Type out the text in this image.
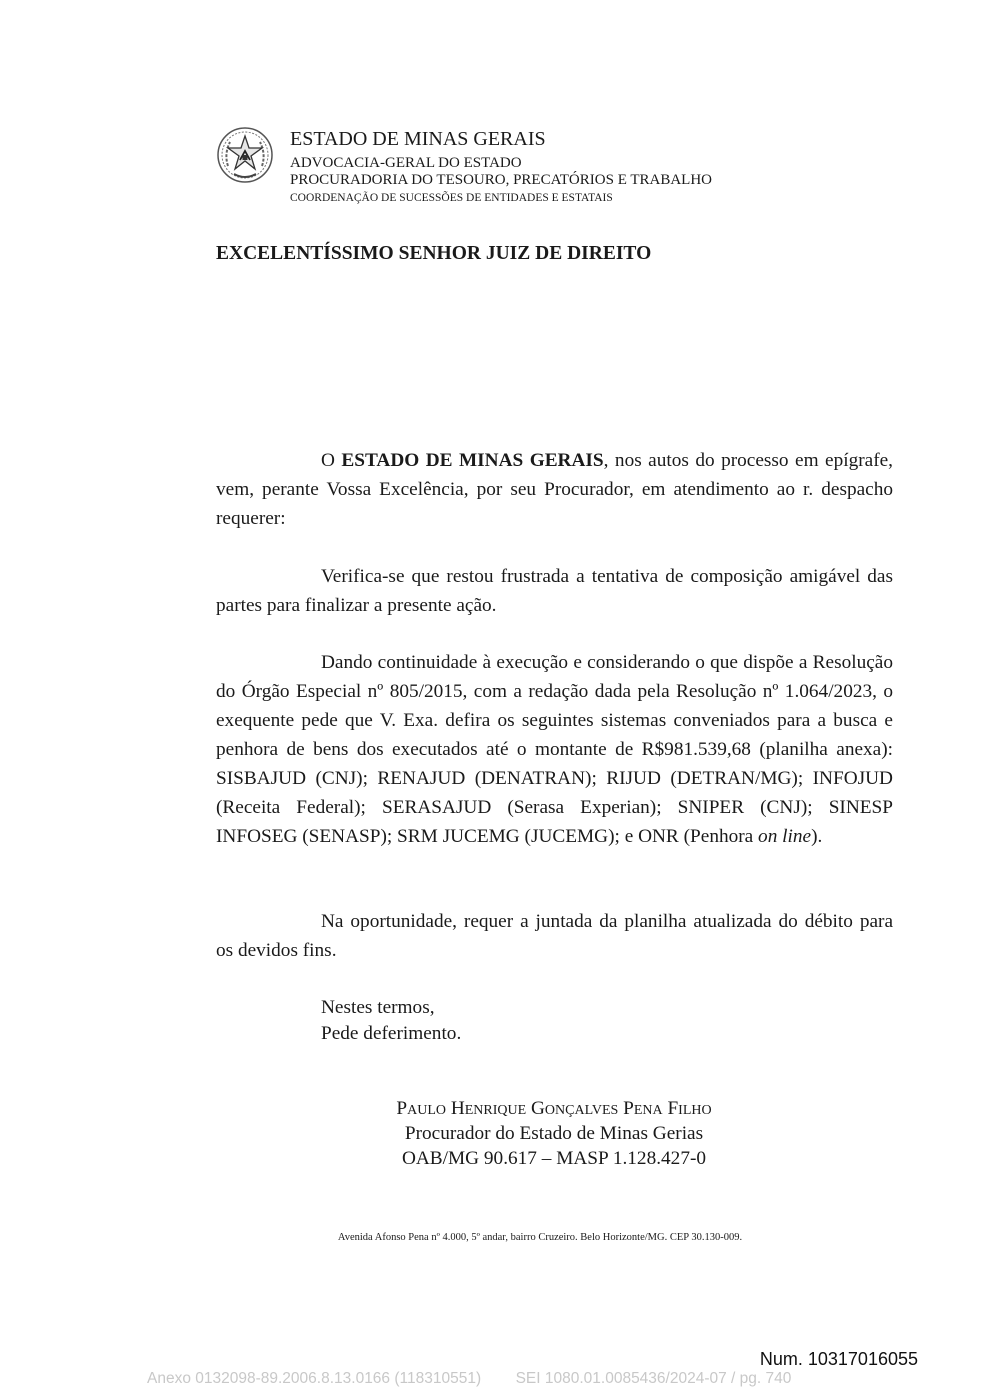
ESTADO DE MINAS GERAIS
ADVOCACIA-GERAL DO ESTADO
PROCURADORIA DO TESOURO, PRECATÓRIOS E TRABALHO
COORDENAÇÃO DE SUCESSÕES DE ENTIDADES E ESTATAIS
EXCELENTÍSSIMO SENHOR JUIZ DE DIREITO

O ESTADO DE MINAS GERAIS, nos autos do processo em epígrafe, vem, perante Vossa Excelência, por seu Procurador, em atendimento ao r. despacho requerer:

Verifica-se que restou frustrada a tentativa de composição amigável das partes para finalizar a presente ação.

Dando continuidade à execução e considerando o que dispõe a Resolução do Órgão Especial nº 805/2015, com a redação dada pela Resolução nº 1.064/2023, o exequente pede que V. Exa. defira os seguintes sistemas conveniados para a busca e penhora de bens dos executados até o montante de R$981.539,68 (planilha anexa): SISBAJUD (CNJ); RENAJUD (DENATRAN); RIJUD (DETRAN/MG); INFOJUD (Receita Federal); SERASAJUD (Serasa Experian); SNIPER (CNJ); SINESP INFOSEG (SENASP); SRM JUCEMG (JUCEMG); e ONR (Penhora on line).

Na oportunidade, requer a juntada da planilha atualizada do débito para os devidos fins.

Nestes termos,
Pede deferimento.
Paulo Henrique Gonçalves Pena Filho
Procurador do Estado de Minas Gerias
OAB/MG 90.617 – MASP 1.128.427-0
Avenida Afonso Pena nº 4.000, 5º andar, bairro Cruzeiro. Belo Horizonte/MG. CEP 30.130-009.
Num. 10317016055
Anexo 0132098-89.2006.8.13.0166 (118310551) SEI 1080.01.0085436/2024-07 / pg. 740
